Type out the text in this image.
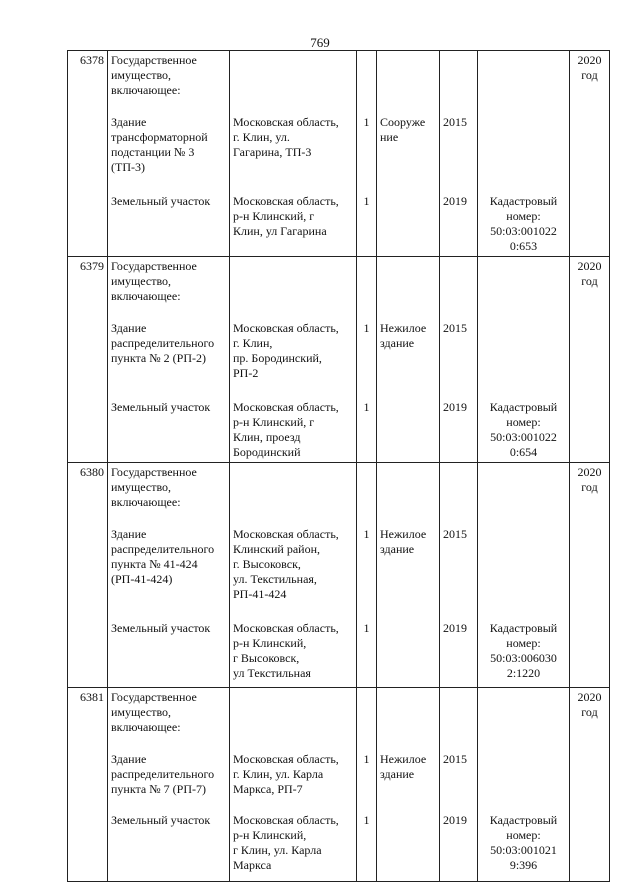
769
6378	Государственное
имущество,
включающее:						2020
год

	Здание
трансформаторной
подстанции № 3
(ТП-3)	Московская область,
г. Клин, ул.
Гагарина, ТП-3	1	Сооруже
ние	2015		

	Земельный участок	Московская область,
р-н Клинский, г
Клин, ул Гагарина	1		2019	Кадастровый
номер:
50:03:001022
0:653	

6379	Государственное
имущество,
включающее:						2020
год

	Здание
распределительного
пункта № 2 (РП-2)	Московская область,
г. Клин,
пр. Бородинский,
РП-2	1	Нежилое
здание	2015		

	Земельный участок	Московская область,
р-н Клинский, г
Клин, проезд
Бородинский	1		2019	Кадастровый
номер:
50:03:001022
0:654	

6380	Государственное
имущество,
включающее:						2020
год

	Здание
распределительного
пункта № 41-424
(РП-41-424)	Московская область,
Клинский район,
г. Высоковск,
ул. Текстильная,
РП-41-424	1	Нежилое
здание	2015		

	Земельный участок	Московская область,
р-н Клинский,
г Высоковск,
ул Текстильная	1		2019	Кадастровый
номер:
50:03:006030
2:1220	

6381	Государственное
имущество,
включающее:						2020
год

	Здание
распределительного
пункта № 7 (РП-7)	Московская область,
г. Клин, ул. Карла
Маркса, РП-7	1	Нежилое
здание	2015		

	Земельный участок	Московская область,
р-н Клинский,
г Клин, ул. Карла
Маркса	1		2019	Кадастровый
номер:
50:03:001021
9:396	
